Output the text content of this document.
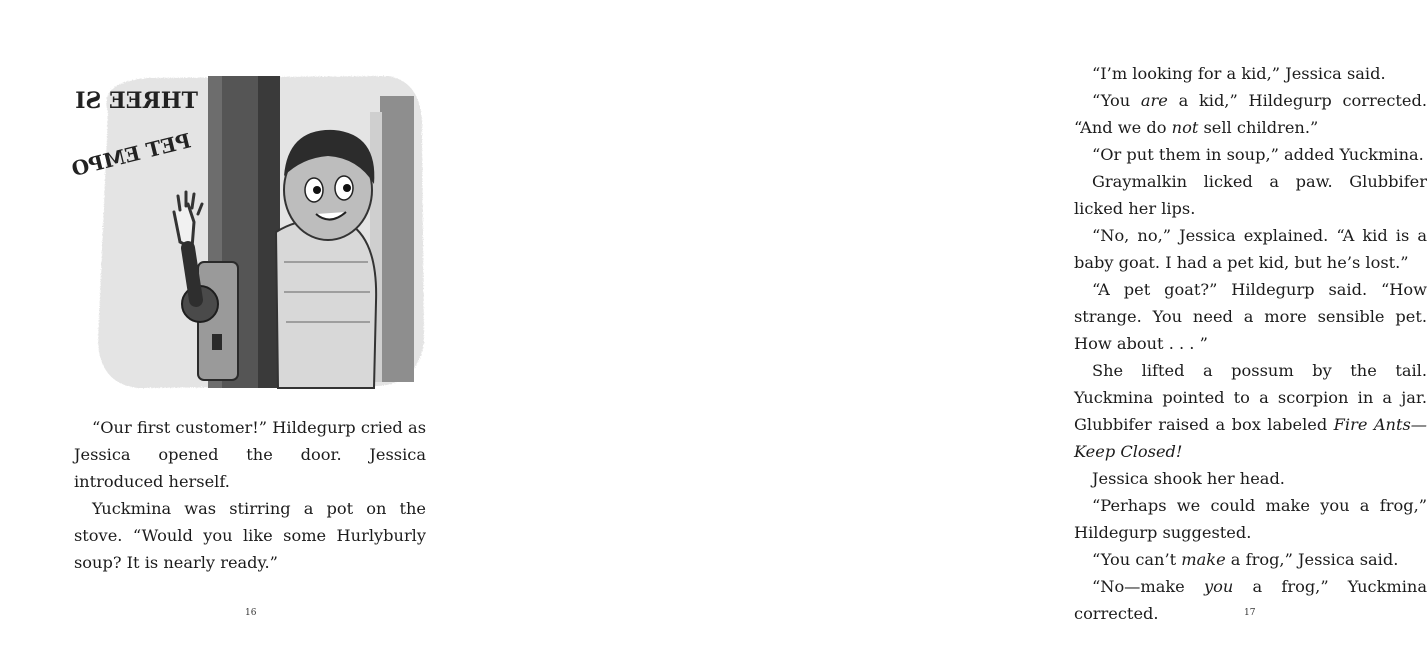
THREE SI
PET EMPO

“Our first customer!” Hildegurp cried as Jessica opened the door. Jessica introduced herself.

Yuckmina was stirring a pot on the stove. “Would you like some Hurlyburly soup? It is nearly ready.”

16

“I’m looking for a kid,” Jessica said.

“You are a kid,” Hildegurp corrected. “And we do not sell children.”

“Or put them in soup,” added Yuckmina.

Graymalkin licked a paw. Glubbifer licked her lips.

“No, no,” Jessica explained. “A kid is a baby goat. I had a pet kid, but he’s lost.”

“A pet goat?” Hildegurp said. “How strange. You need a more sensible pet. How about . . . ”

She lifted a possum by the tail. Yuckmina pointed to a scorpion in a jar. Glubbifer raised a box labeled Fire Ants—Keep Closed!

Jessica shook her head.

“Perhaps we could make you a frog,” Hildegurp suggested.

“You can’t make a frog,” Jessica said.

“No—make you a frog,” Yuckmina corrected.	17
